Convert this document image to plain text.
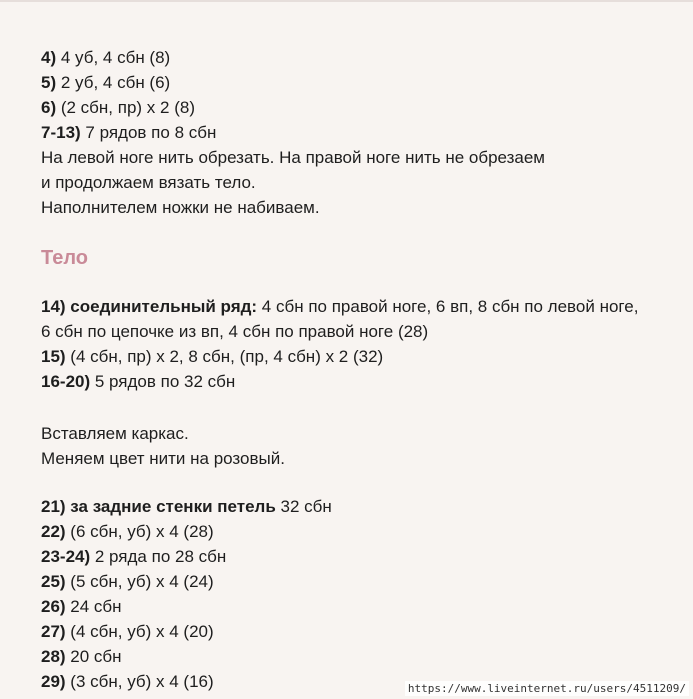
4) 4 уб, 4 сбн (8)
5) 2 уб, 4 сбн (6)
6) (2 сбн, пр) х 2 (8)
7-13) 7 рядов по 8 сбн
На левой ноге нить обрезать. На правой ноге нить не обрезаем
и продолжаем вязать тело.
Наполнителем ножки не набиваем.
Тело
14) соединительный ряд: 4 сбн по правой ноге, 6 вп, 8 сбн по левой ноге,
6 сбн по цепочке из вп, 4 сбн по правой ноге (28)
15) (4 сбн, пр) х 2, 8 сбн, (пр, 4 сбн) х 2 (32)
16-20) 5 рядов по 32 сбн
Вставляем каркас.
Меняем цвет нити на розовый.
21) за задние стенки петель 32 сбн
22) (6 сбн, уб) х 4 (28)
23-24) 2 ряда по 28 сбн
25) (5 сбн, уб) х 4 (24)
26) 24 сбн
27) (4 сбн, уб) х 4 (20)
28) 20 сбн
29) (3 сбн, уб) х 4 (16)	https://www.liveinternet.ru/users/4511209/
